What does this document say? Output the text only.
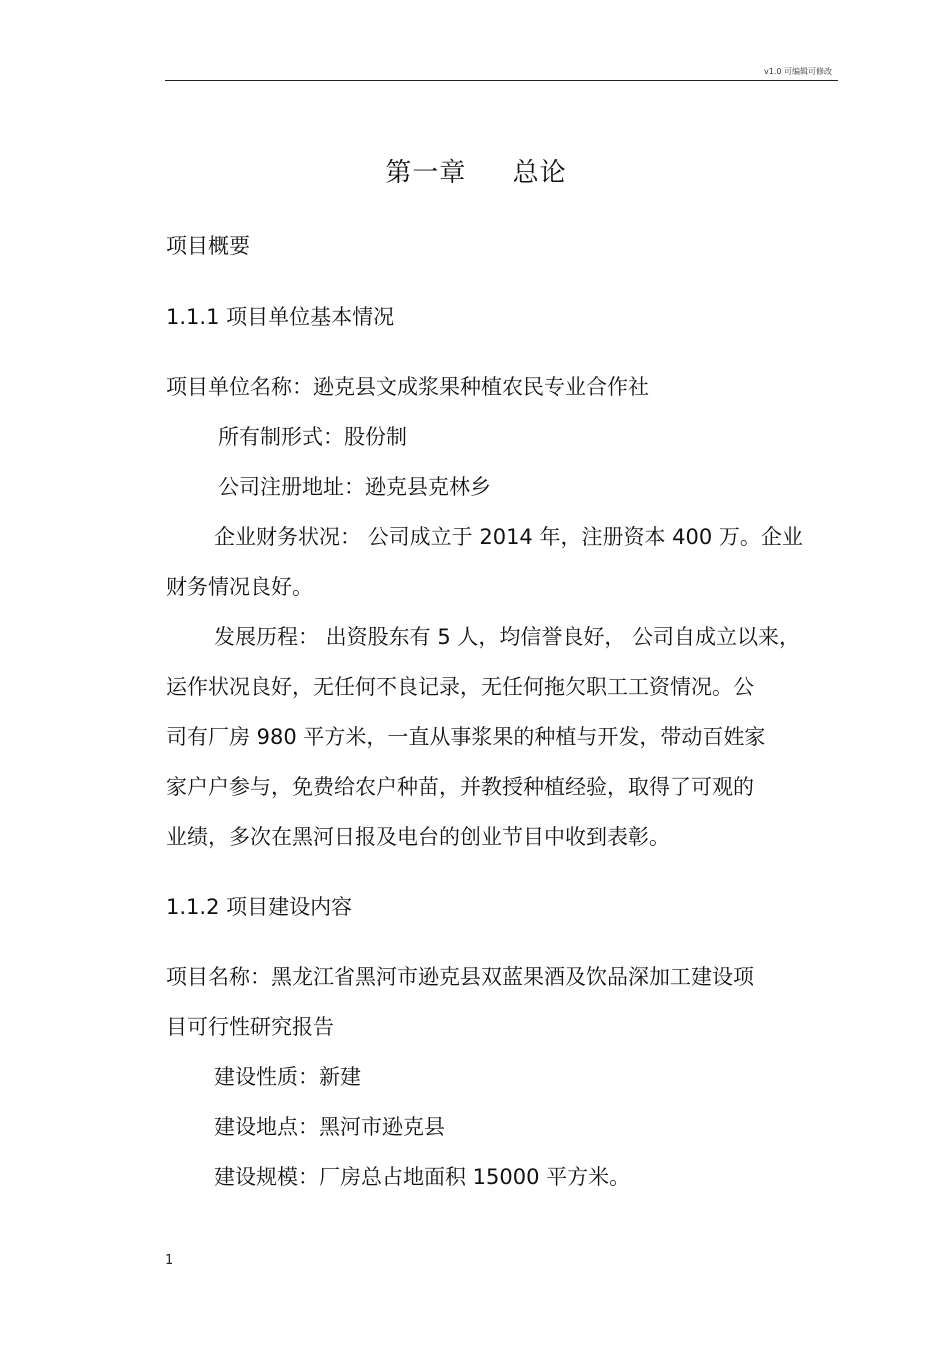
v1.0 可编辑可修改
第一章     总论
项目概要
1.1.1 项目单位基本情况
项目单位名称：逊克县文成浆果种植农民专业合作社
所有制形式：股份制
公司注册地址：逊克县克林乡
企业财务状况： 公司成立于 2014 年，注册资本 400 万。企业
财务情况良好。
发展历程： 出资股东有 5 人，均信誉良好， 公司自成立以来，
运作状况良好，无任何不良记录，无任何拖欠职工工资情况。公
司有厂房 980 平方米，一直从事浆果的种植与开发，带动百姓家
家户户参与，免费给农户种苗，并教授种植经验，取得了可观的
业绩，多次在黑河日报及电台的创业节目中收到表彰。
1.1.2 项目建设内容
项目名称：黑龙江省黑河市逊克县双蓝果酒及饮品深加工建设项
目可行性研究报告
建设性质：新建
建设地点：黑河市逊克县
建设规模：厂房总占地面积 15000 平方米。
1
